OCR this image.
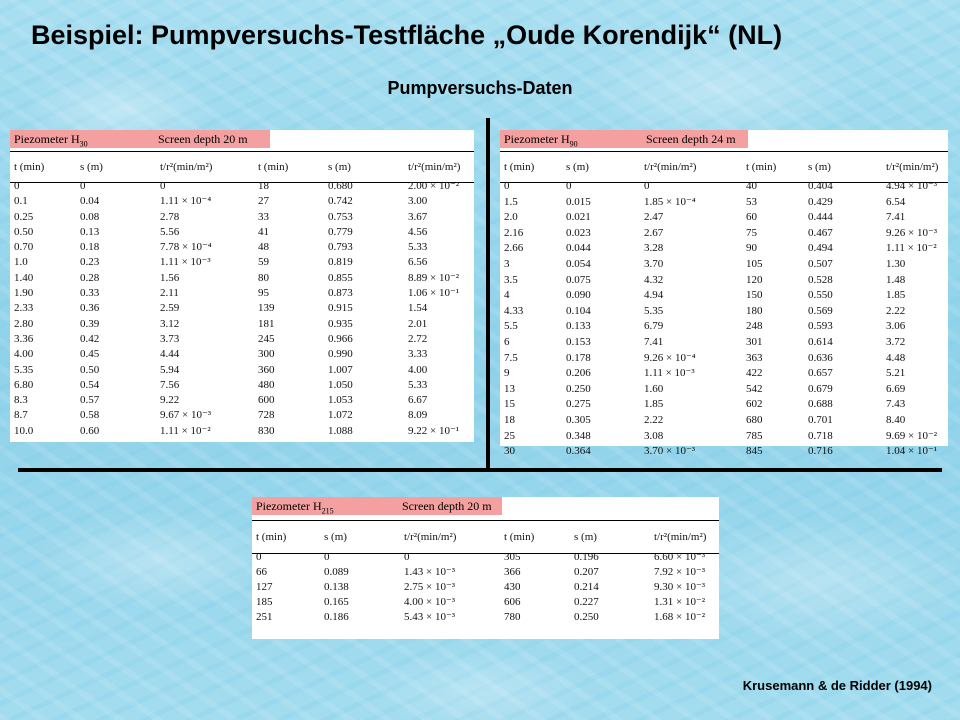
Beispiel: Pumpversuchs-Testfläche „Oude Korendijk“ (NL)
Pumpversuchs-Daten
Piezometer $H_{30}$	Screen depth 20 m
t (min)	s (m)	t/r²(min/m²)	t (min)	s (m)	t/r²(min/m²)
0	0	0	18	0.680	2.00 × 10⁻²
0.1	0.04	1.11 × 10⁻⁴	27	0.742	3.00
0.25	0.08	2.78	33	0.753	3.67
0.50	0.13	5.56	41	0.779	4.56
0.70	0.18	7.78 × 10⁻⁴	48	0.793	5.33
1.0	0.23	1.11 × 10⁻³	59	0.819	6.56
1.40	0.28	1.56	80	0.855	8.89 × 10⁻²
1.90	0.33	2.11	95	0.873	1.06 × 10⁻¹
2.33	0.36	2.59	139	0.915	1.54
2.80	0.39	3.12	181	0.935	2.01
3.36	0.42	3.73	245	0.966	2.72
4.00	0.45	4.44	300	0.990	3.33
5.35	0.50	5.94	360	1.007	4.00
6.80	0.54	7.56	480	1.050	5.33
8.3	0.57	9.22	600	1.053	6.67
8.7	0.58	9.67 × 10⁻³	728	1.072	8.09
10.0	0.60	1.11 × 10⁻²	830	1.088	9.22 × 10⁻¹
Piezometer $H_{90}$	Screen depth 24 m
t (min)	s (m)	t/r²(min/m²)	t (min)	s (m)	t/r²(min/m²)
0	0	0	40	0.404	4.94 × 10⁻³
1.5	0.015	1.85 × 10⁻⁴	53	0.429	6.54
2.0	0.021	2.47	60	0.444	7.41
2.16	0.023	2.67	75	0.467	9.26 × 10⁻³
2.66	0.044	3.28	90	0.494	1.11 × 10⁻²
3	0.054	3.70	105	0.507	1.30
3.5	0.075	4.32	120	0.528	1.48
4	0.090	4.94	150	0.550	1.85
4.33	0.104	5.35	180	0.569	2.22
5.5	0.133	6.79	248	0.593	3.06
6	0.153	7.41	301	0.614	3.72
7.5	0.178	9.26 × 10⁻⁴	363	0.636	4.48
9	0.206	1.11 × 10⁻³	422	0.657	5.21
13	0.250	1.60	542	0.679	6.69
15	0.275	1.85	602	0.688	7.43
18	0.305	2.22	680	0.701	8.40
25	0.348	3.08	785	0.718	9.69 × 10⁻²
30	0.364	3.70 × 10⁻³	845	0.716	1.04 × 10⁻¹
Piezometer $H_{215}$	Screen depth 20 m
t (min)	s (m)	t/r²(min/m²)	t (min)	s (m)	t/r²(min/m²)
0	0	0	305	0.196	6.60 × 10⁻³
66	0.089	1.43 × 10⁻³	366	0.207	7.92 × 10⁻³
127	0.138	2.75 × 10⁻³	430	0.214	9.30 × 10⁻³
185	0.165	4.00 × 10⁻³	606	0.227	1.31 × 10⁻²
251	0.186	5.43 × 10⁻³	780	0.250	1.68 × 10⁻²
Krusemann & de Ridder (1994)
